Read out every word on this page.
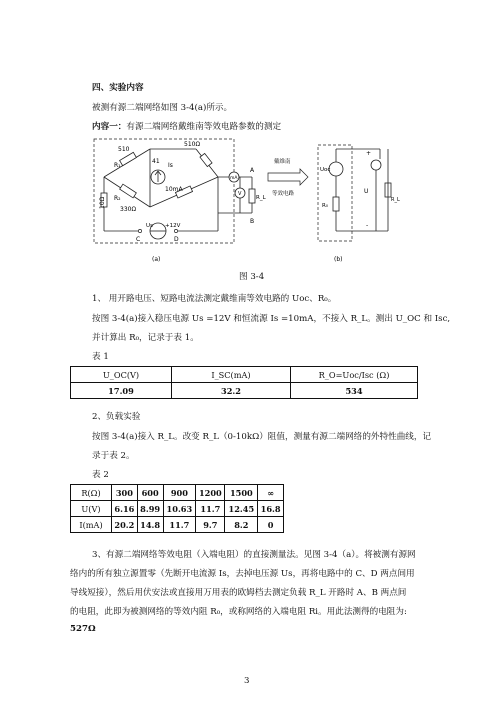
四、实验内容
被测有源二端网络如图 3-4(a)所示。
内容一：有源二端网络戴维南等效电路参数的测定
510
510Ω
R₁
R₂
41
Is
10mA
330Ω
10Ω
Us +12V
C	D
A
B
mA
V
R_L
戴维南
等效电路
Uoc
U
R₀
R_L
+
-
(a)	(b)
图 3-4
1、 用开路电压、短路电流法测定戴维南等效电路的 Uoc、R₀。
按图 3-4(a)接入稳压电源 Us =12V 和恒流源 Is =10mA，不接入 R_L。测出 U_OC 和 Isc,
并计算出 R₀，记录于表 1。
表 1
U_OC(V)	I_SC(mA)	R_O=Uoc/Isc (Ω)
17.09	32.2	534
2、负载实验
按图 3-4(a)接入 R_L。改变 R_L（0-10kΩ）阻值，测量有源二端网络的外特性曲线，记
录于表 2。
表 2
R(Ω)	300	600	900	1200	1500	∞
U(V)	6.16	8.99	10.63	11.7	12.45	16.8
I(mA)	20.2	14.8	11.7	9.7	8.2	0
3、有源二端网络等效电阻（入端电阻）的直接测量法。见图 3-4（a）。将被测有源网
络内的所有独立源置零（先断开电流源 Is，去掉电压源 Us，再将电路中的 C、D 两点间用
导线短接），然后用伏安法或直接用万用表的欧姆档去测定负载 R_L 开路时 A、B 两点间
的电阻，此即为被测网络的等效内阻 R₀，或称网络的入端电阻 Ri。用此法测得的电阻为:
527Ω
3
